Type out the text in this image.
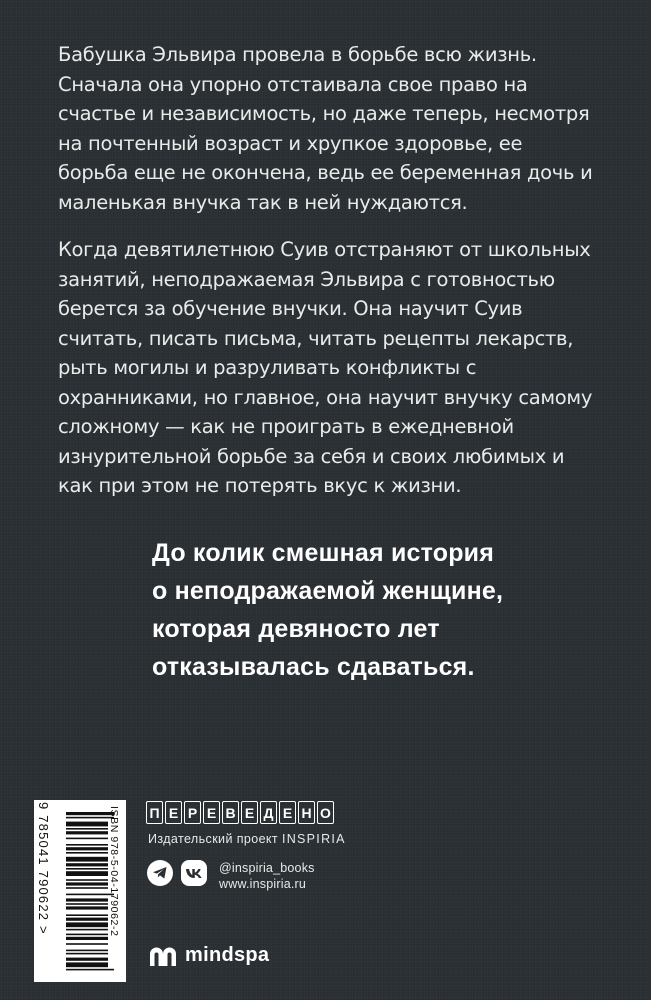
Бабушка Эльвира провела в борьбе всю жизнь. Сначала она упорно отстаивала свое право на счастье и независимость, но даже теперь, несмотря на почтенный возраст и хрупкое здоровье, ее борьба еще не окончена, ведь ее беременная дочь и маленькая внучка так в ней нуждаются.

Когда девятилетнюю Суив отстраняют от школьных занятий, неподражаемая Эльвира с готовностью берется за обучение внучки. Она научит Суив считать, писать письма, читать рецепты лекарств, рыть могилы и разруливать конфликты с охранниками, но главное, она научит внучку самому сложному — как не проиграть в ежедневной изнурительной борьбе за себя и своих любимых и как при этом не потерять вкус к жизни.

До колик смешная история
о неподражаемой женщине,
которая девяносто лет
отказывалась сдаваться.
ISBN 978-5-04-179062-2
9 785041 790622 >	П Е Р Е В Е Д Е Н О
Издательский проект INSPIRIA
@inspiria_books
www.inspiria.ru
mindspa
